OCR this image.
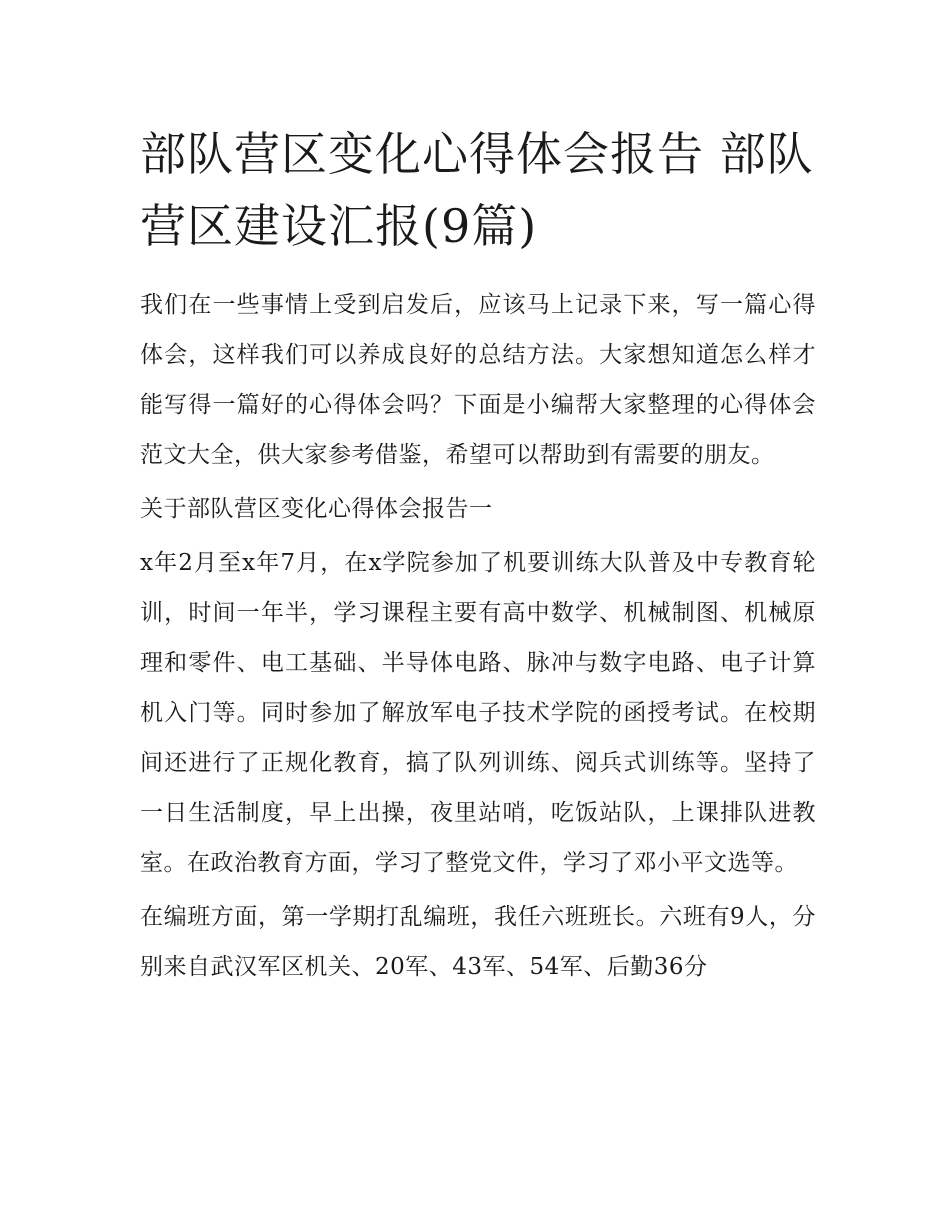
部队营区变化心得体会报告 部队营区建设汇报(9篇)

我们在一些事情上受到启发后，应该马上记录下来，写一篇心得体会，这样我们可以养成良好的总结方法。大家想知道怎么样才能写得一篇好的心得体会吗？下面是小编帮大家整理的心得体会范文大全，供大家参考借鉴，希望可以帮助到有需要的朋友。

关于部队营区变化心得体会报告一

x年2月至x年7月，在x学院参加了机要训练大队普及中专教育轮训，时间一年半，学习课程主要有高中数学、机械制图、机械原理和零件、电工基础、半导体电路、脉冲与数字电路、电子计算机入门等。同时参加了解放军电子技术学院的函授考试。在校期间还进行了正规化教育，搞了队列训练、阅兵式训练等。坚持了一日生活制度，早上出操，夜里站哨，吃饭站队，上课排队进教室。在政治教育方面，学习了整党文件，学习了邓小平文选等。

在编班方面，第一学期打乱编班，我任六班班长。六班有9人，分别来自武汉军区机关、20军、43军、54军、后勤36分
